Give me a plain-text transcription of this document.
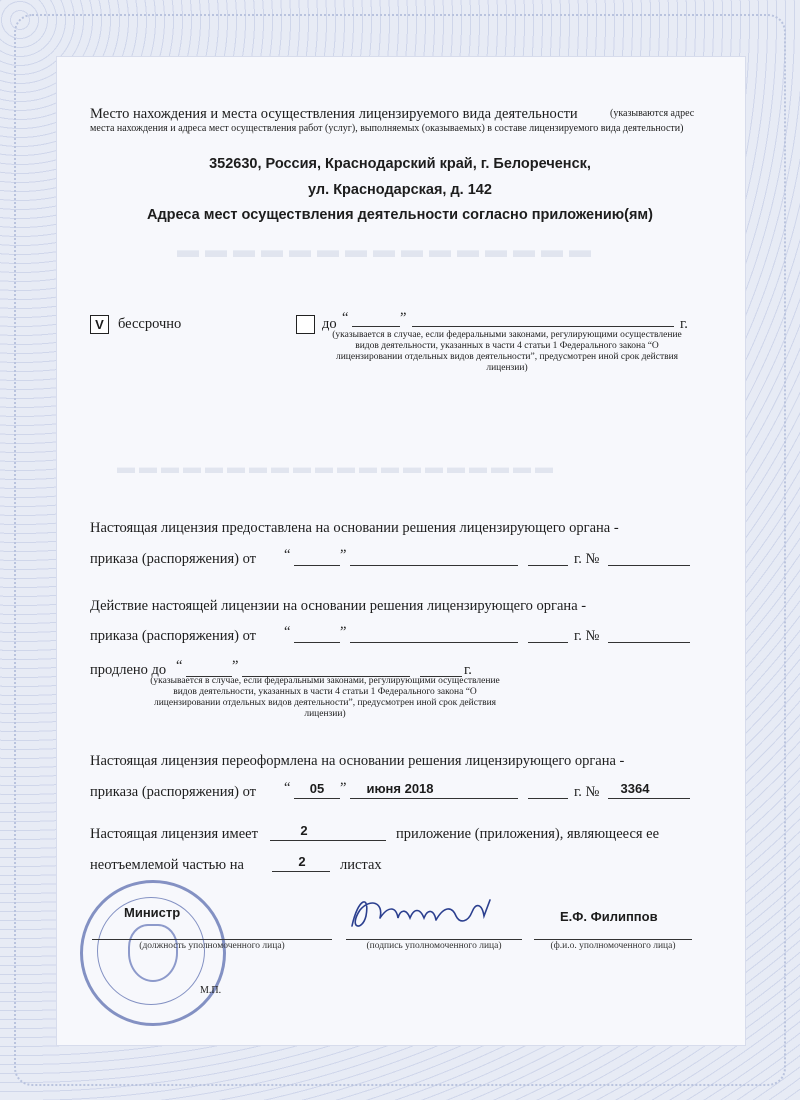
▬▬▬▬▬▬▬▬▬▬▬▬▬▬▬
▬▬▬▬▬▬▬▬▬▬▬▬▬▬▬▬▬▬▬▬
Место нахождения и места осуществления лицензируемого вида деятельности	(указываются адрес места нахождения и адреса мест осуществления работ (услуг), выполняемых (оказываемых) в составе лицензируемого вида деятельности)
352630, Россия, Краснодарский край, г. Белореченск,
ул. Краснодарская, д. 142
Адреса мест осуществления деятельности согласно приложению(ям)
V бессрочно	до “	”	г.
(указывается в случае, если федеральными законами, регулирующими осуществление видов деятельности, указанных в части 4 статьи 1 Федерального закона “О лицензировании отдельных видов деятельности”, предусмотрен иной срок действия лицензии)
Настоящая лицензия предоставлена на основании решения лицензирующего органа -
приказа (распоряжения) от “	”	г. №
Действие настоящей лицензии на основании решения лицензирующего органа -
приказа (распоряжения) от “	”	г. №
продлено до “	”	г.
(указывается в случае, если федеральными законами, регулирующими осуществление видов деятельности, указанных в части 4 статьи 1 Федерального закона “О лицензировании отдельных видов деятельности”, предусмотрен иной срок действия лицензии)
Настоящая лицензия переоформлена на основании решения лицензирующего органа -
приказа (распоряжения) от “	05	”	июня 2018	г. №	3364
Настоящая лицензия имеет	2	приложение (приложения), являющееся ее
неотъемлемой частью на	2	листах
Министр
(должность уполномоченного лица)	(подпись уполномоченного лица)
Е.Ф. Филиппов
(ф.и.о. уполномоченного лица)
М.П.
